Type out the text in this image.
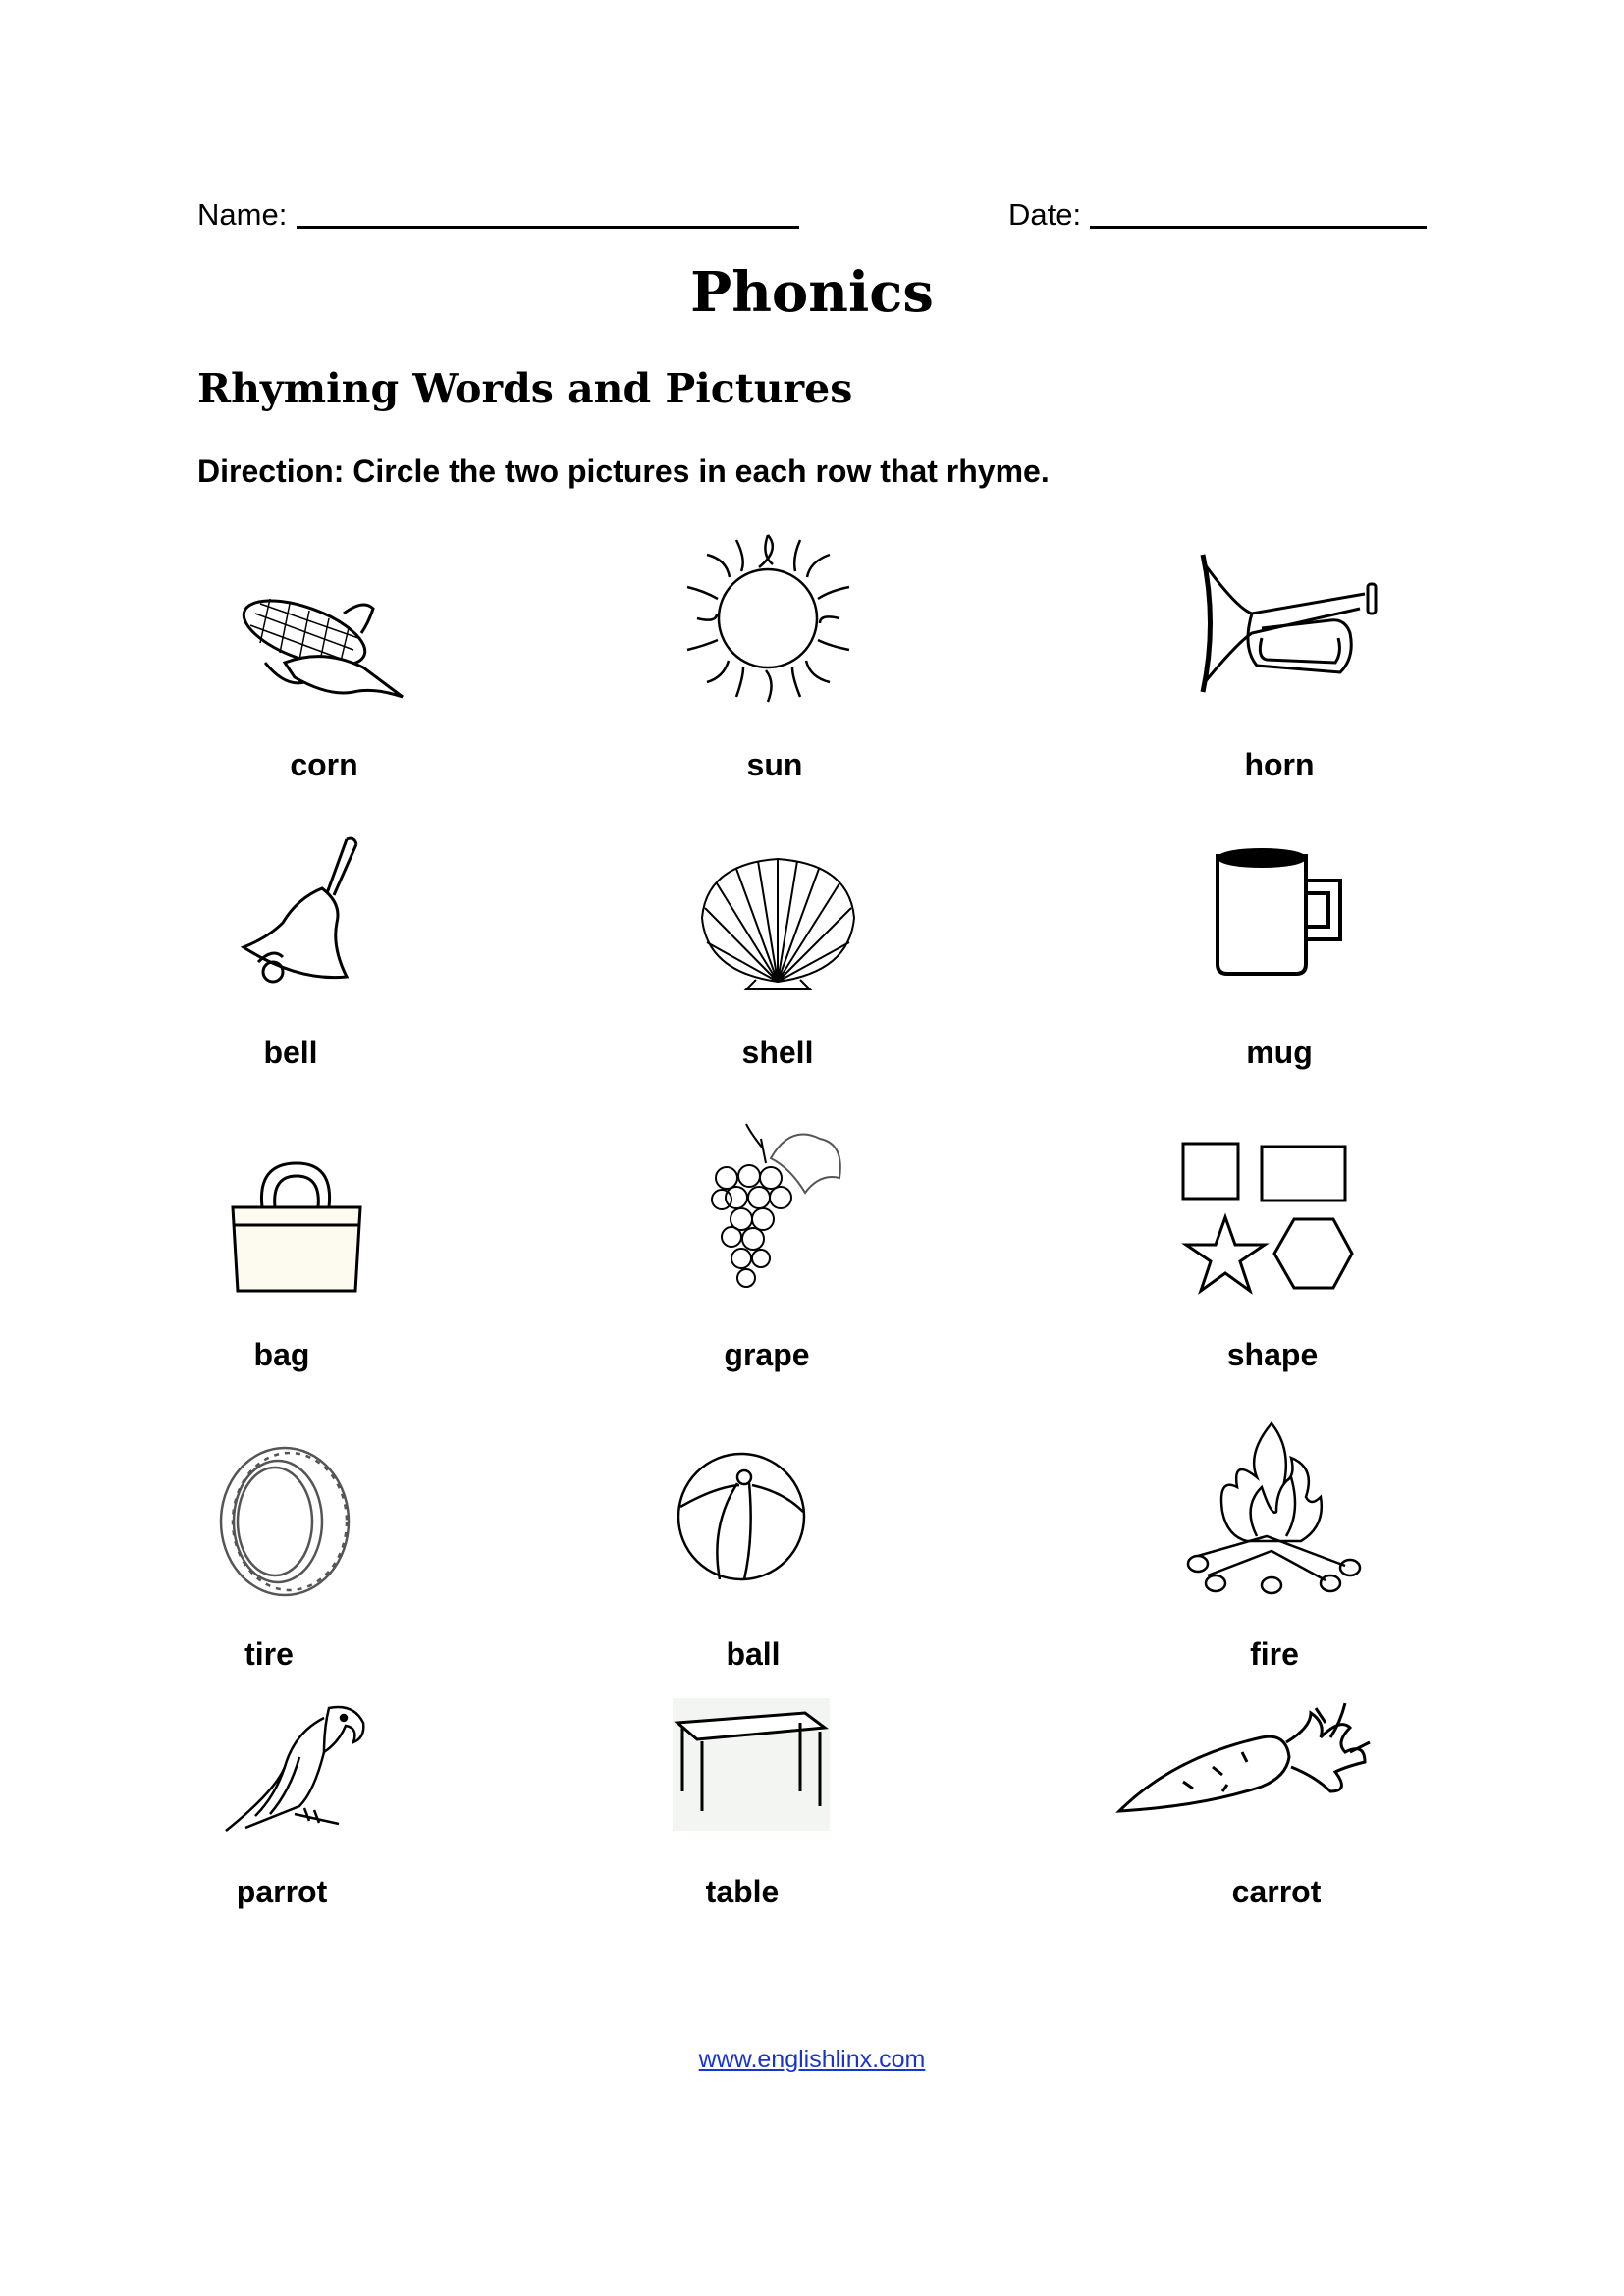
Name:	Date:
Phonics
Rhyming Words and Pictures
Direction: Circle the two pictures in each row that rhyme.
corn	sun	horn
bell	shell	mug
bag	grape	shape
tire	ball	fire
parrot	table	carrot
www.englishlinx.com
